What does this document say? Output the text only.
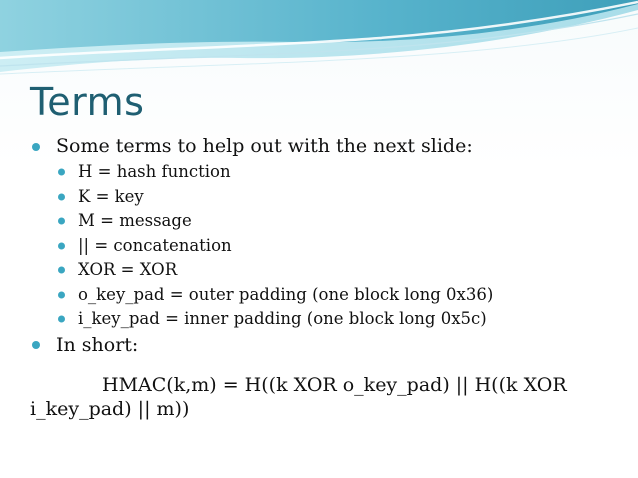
Terms
Some terms to help out with the next slide:
H = hash function
K = key
M = message
|| = concatenation
XOR = XOR
o_key_pad = outer padding (one block long 0x36)
i_key_pad = inner padding (one block long 0x5c)
In short:
HMAC(k,m) = H((k XOR o_key_pad) || H((k XOR i_key_pad) || m))
